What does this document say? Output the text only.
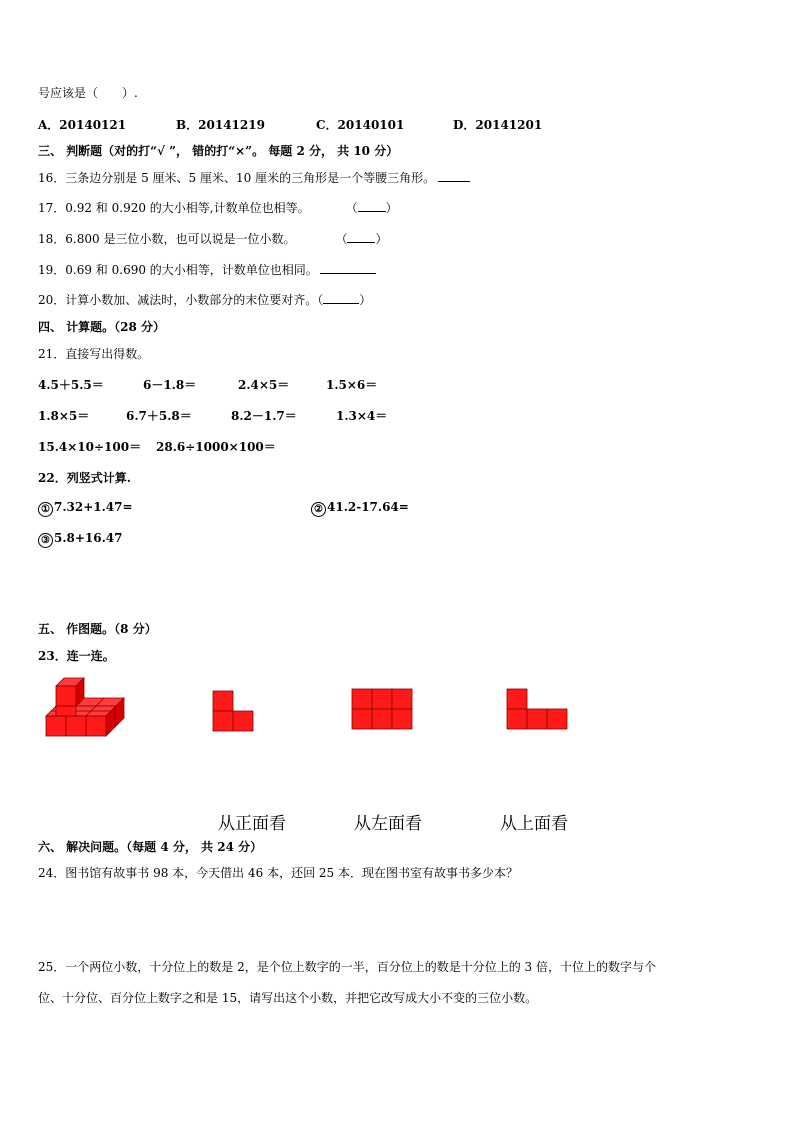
号应该是（　　）.
A．20140121	B．20141219	C．20140101	D．20141201
三、 判断题（对的打“√ ”， 错的打“×”。 每题 2 分， 共 10 分）
16．三条边分别是 5 厘米、5 厘米、10 厘米的三角形是一个等腰三角形。
17．0.92 和 0.920 的大小相等,计数单位也相等。	（ ）
18．6.800 是三位小数，也可以说是一位小数。	（ ）
19．0.69 和 0.690 的大小相等，计数单位也相同。
20．计算小数加、减法时，小数部分的末位要对齐。（	）
四、 计算题。（28 分）
21．直接写出得数。
4.5＋5.5＝	6－1.8＝	2.4×5＝	1.5×6＝
1.8×5＝	6.7＋5.8＝	8.2－1.7＝	1.3×4＝
15.4×10÷100＝ 28.6÷1000×100＝
22．列竖式计算.
① 7.32+1.47=	② 41.2-17.64=
③ 5.8+16.47
五、 作图题。（8 分）
23．连一连。
从正面看	从左面看	从上面看
六、 解决问题。（每题 4 分， 共 24 分）
24．图书馆有故事书 98 本，今天借出 46 本，还回 25 本．现在图书室有故事书多少本？
25．一个两位小数，十分位上的数是 2，是个位上数字的一半，百分位上的数是十分位上的 3 倍，十位上的数字与个
位、十分位、百分位上数字之和是 15，请写出这个小数，并把它改写成大小不变的三位小数。
